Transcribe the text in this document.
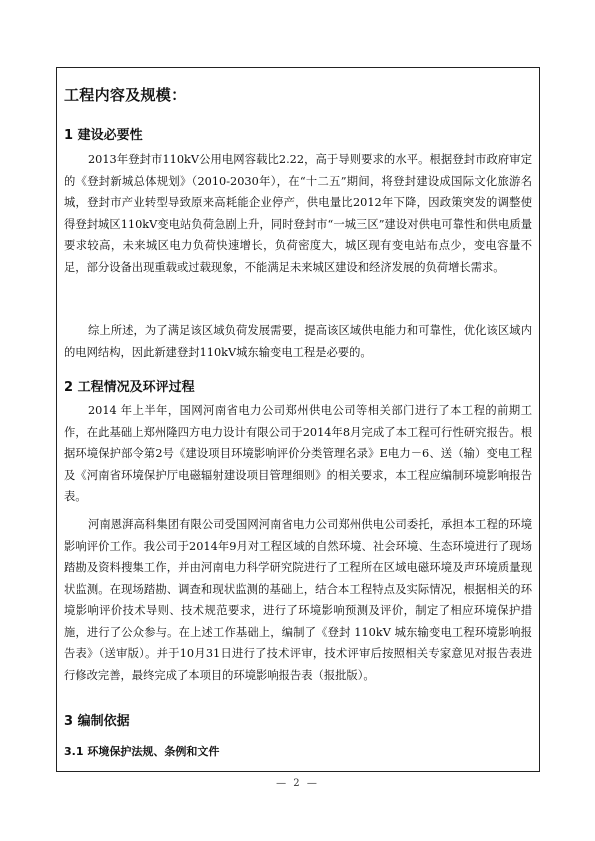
工程内容及规模：
1 建设必要性

2013年登封市110kV公用电网容载比2.22，高于导则要求的水平。根据登封市政府审定的《登封新城总体规划》（2010-2030年），在“十二五”期间，将登封建设成国际文化旅游名城，登封市产业转型导致原来高耗能企业停产，供电量比2012年下降，因政策突发的调整使得登封城区110kV变电站负荷急剧上升，同时登封市“一城三区”建设对供电可靠性和供电质量要求较高，未来城区电力负荷快速增长，负荷密度大，城区现有变电站布点少，变电容量不足，部分设备出现重载或过载现象，不能满足未来城区建设和经济发展的负荷增长需求。

综上所述，为了满足该区域负荷发展需要，提高该区域供电能力和可靠性，优化该区域内的电网结构，因此新建登封110kV城东输变电工程是必要的。

2 工程情况及环评过程

2014 年上半年，国网河南省电力公司郑州供电公司等相关部门进行了本工程的前期工作，在此基础上郑州隆四方电力设计有限公司于2014年8月完成了本工程可行性研究报告。根据环境保护部令第2号《建设项目环境影响评价分类管理名录》E电力－6、送（输）变电工程及《河南省环境保护厅电磁辐射建设项目管理细则》的相关要求，本工程应编制环境影响报告表。

河南恩湃高科集团有限公司受国网河南省电力公司郑州供电公司委托，承担本工程的环境影响评价工作。我公司于2014年9月对工程区域的自然环境、社会环境、生态环境进行了现场踏勘及资料搜集工作，并由河南电力科学研究院进行了工程所在区域电磁环境及声环境质量现状监测。在现场踏勘、调查和现状监测的基础上，结合本工程特点及实际情况，根据相关的环境影响评价技术导则、技术规范要求，进行了环境影响预测及评价，制定了相应环境保护措施，进行了公众参与。在上述工作基础上，编制了《登封 110kV 城东输变电工程环境影响报告表》（送审版）。并于10月31日进行了技术评审，技术评审后按照相关专家意见对报告表进行修改完善，最终完成了本项目的环境影响报告表（报批版）。

3 编制依据
3.1 环境保护法规、条例和文件
— 2 —
